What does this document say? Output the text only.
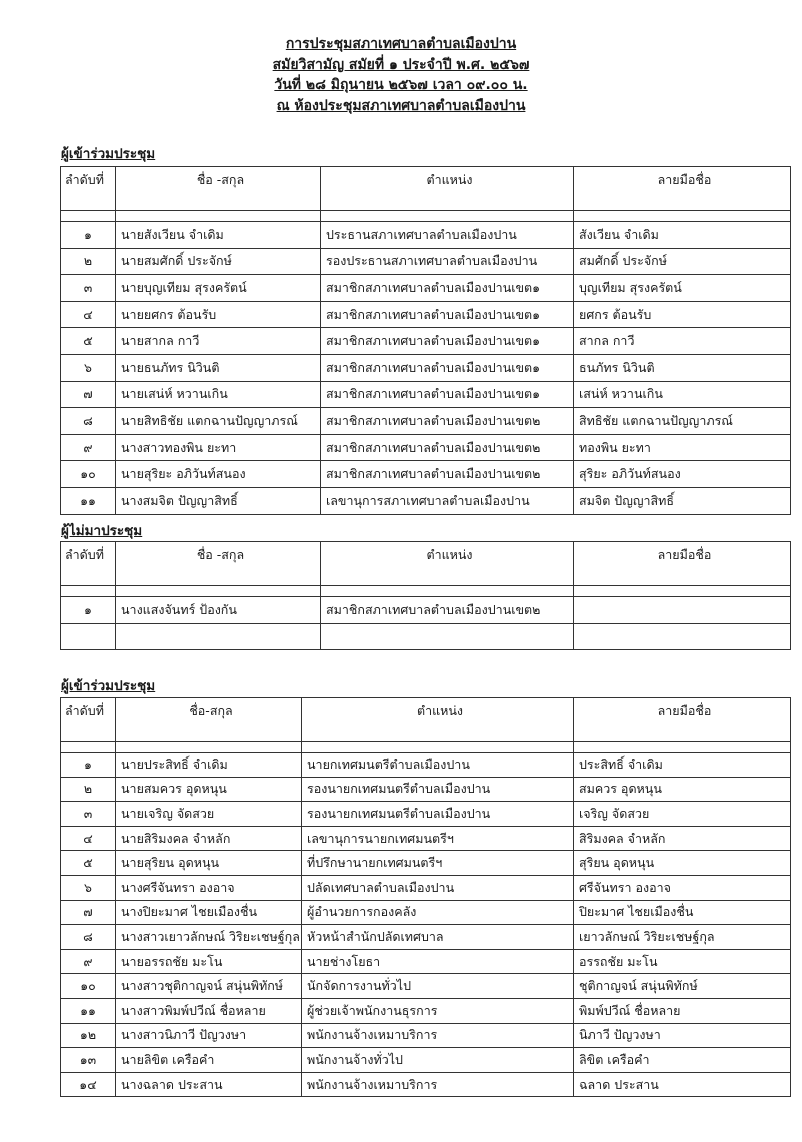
การประชุมสภาเทศบาลตำบลเมืองปาน
สมัยวิสามัญ สมัยที่ ๑ ประจำปี พ.ศ. ๒๕๖๗
วันที่ ๒๘ มิถุนายน ๒๕๖๗ เวลา ๐๙.๐๐ น.
ณ ห้องประชุมสภาเทศบาลตำบลเมืองปาน
ผู้เข้าร่วมประชุม
ลำดับที่	ชื่อ -สกุล	ตำแหน่ง	ลายมือชื่อ

๑	นายสังเวียน จำเดิม	ประธานสภาเทศบาลตำบลเมืองปาน	สังเวียน จำเดิม
๒	นายสมศักดิ์ ประจักษ์	รองประธานสภาเทศบาลตำบลเมืองปาน	สมศักดิ์ ประจักษ์
๓	นายบุญเทียม สุรงครัตน์	สมาชิกสภาเทศบาลตำบลเมืองปานเขต๑	บุญเทียม สุรงครัตน์
๔	นายยศกร ต้อนรับ	สมาชิกสภาเทศบาลตำบลเมืองปานเขต๑	ยศกร ต้อนรับ
๕	นายสากล กาวี	สมาชิกสภาเทศบาลตำบลเมืองปานเขต๑	สากล กาวี
๖	นายธนภัทร นิวินติ	สมาชิกสภาเทศบาลตำบลเมืองปานเขต๑	ธนภัทร นิวินติ
๗	นายเสน่ห์ หวานเกิน	สมาชิกสภาเทศบาลตำบลเมืองปานเขต๑	เสน่ห์ หวานเกิน
๘	นายสิทธิชัย แตกฉานปัญญาภรณ์	สมาชิกสภาเทศบาลตำบลเมืองปานเขต๒	สิทธิชัย แตกฉานปัญญาภรณ์
๙	นางสาวทองพิน ยะทา	สมาชิกสภาเทศบาลตำบลเมืองปานเขต๒	ทองพิน ยะทา
๑๐	นายสุริยะ อภิวันท์สนอง	สมาชิกสภาเทศบาลตำบลเมืองปานเขต๒	สุริยะ อภิวันท์สนอง
๑๑	นางสมจิต ปัญญาสิทธิ์	เลขานุการสภาเทศบาลตำบลเมืองปาน	สมจิต ปัญญาสิทธิ์
ผู้ไม่มาประชุม
ลำดับที่	ชื่อ -สกุล	ตำแหน่ง	ลายมือชื่อ

๑	นางแสงจันทร์ ป้องกัน	สมาชิกสภาเทศบาลตำบลเมืองปานเขต๒	

ผู้เข้าร่วมประชุม
ลำดับที่	ชื่อ-สกุล	ตำแหน่ง	ลายมือชื่อ

๑	นายประสิทธิ์ จำเดิม	นายกเทศมนตรีตำบลเมืองปาน	ประสิทธิ์ จำเดิม
๒	นายสมควร อุดหนุน	รองนายกเทศมนตรีตำบลเมืองปาน	สมควร อุดหนุน
๓	นายเจริญ จัดสวย	รองนายกเทศมนตรีตำบลเมืองปาน	เจริญ จัดสวย
๔	นายสิริมงคล จำหลัก	เลขานุการนายกเทศมนตรีฯ	สิริมงคล จำหลัก
๕	นายสุริยน อุดหนุน	ที่ปรึกษานายกเทศมนตรีฯ	สุริยน อุดหนุน
๖	นางศรีจันทรา องอาจ	ปลัดเทศบาลตำบลเมืองปาน	ศรีจันทรา องอาจ
๗	นางปิยะมาศ ไชยเมืองชื่น	ผู้อำนวยการกองคลัง	ปิยะมาศ ไชยเมืองชื่น
๘	นางสาวเยาวลักษณ์ วิริยะเชษฐ์กุล	หัวหน้าสำนักปลัดเทศบาล	เยาวลักษณ์ วิริยะเชษฐ์กุล
๙	นายอรรถชัย มะโน	นายช่างโยธา	อรรถชัย มะโน
๑๐	นางสาวชุติกาญจน์ สนุ่นพิทักษ์	นักจัดการงานทั่วไป	ชุติกาญจน์ สนุ่นพิทักษ์
๑๑	นางสาวพิมพ์ปวีณ์ ชื่อหลาย	ผู้ช่วยเจ้าพนักงานธุรการ	พิมพ์ปวีณ์ ชื่อหลาย
๑๒	นางสาวนิภาวี ปัญวงษา	พนักงานจ้างเหมาบริการ	นิภาวี ปัญวงษา
๑๓	นายลิขิต เครือคำ	พนักงานจ้างทั่วไป	ลิขิต เครือคำ
๑๔	นางฉลาด ประสาน	พนักงานจ้างเหมาบริการ	ฉลาด ประสาน
